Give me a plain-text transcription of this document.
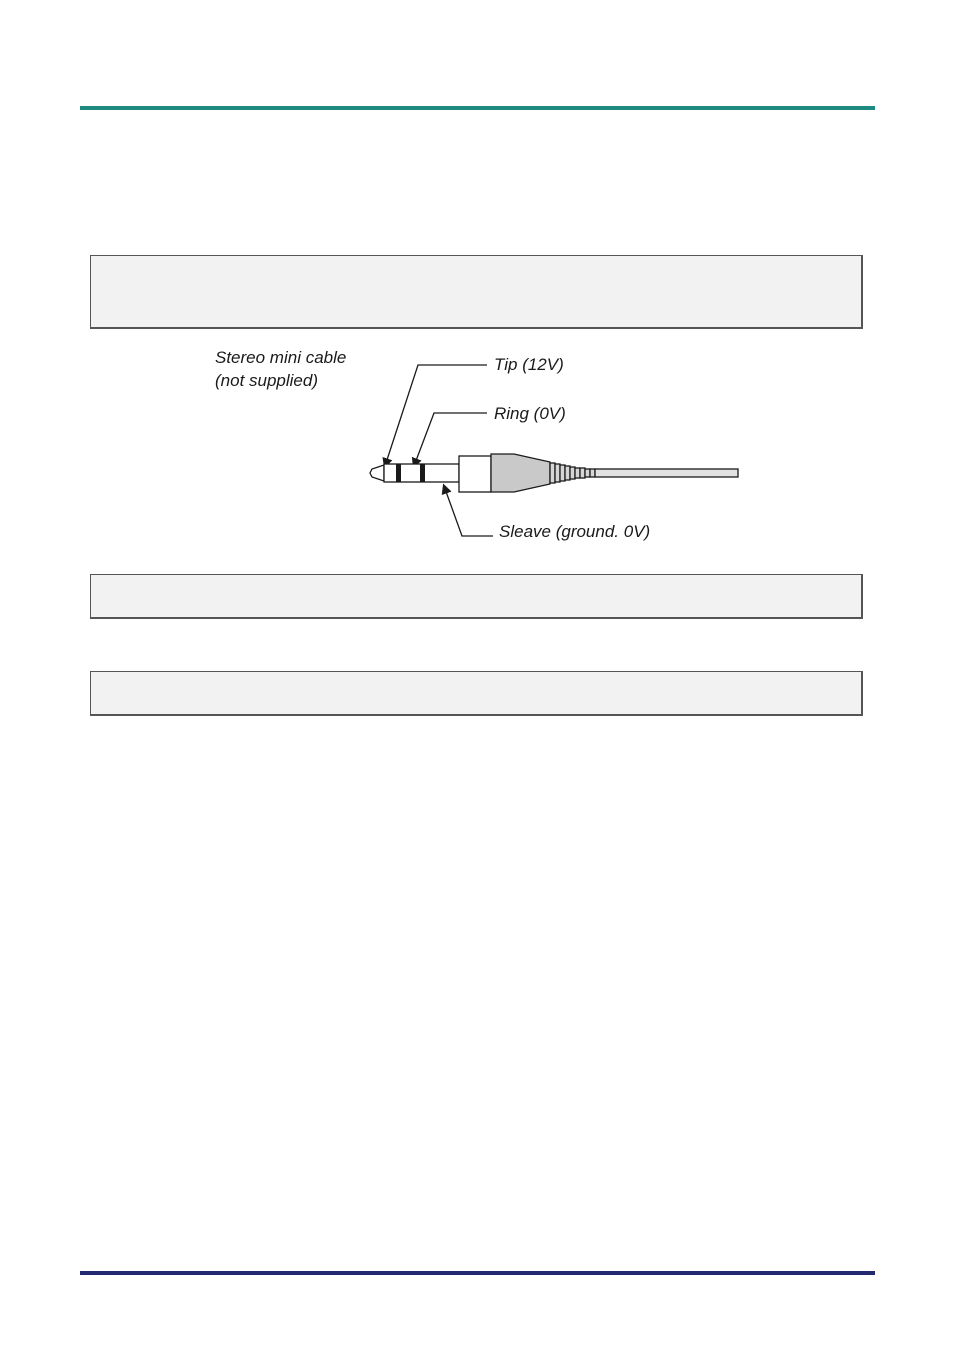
Stereo mini cable
(not supplied)
Tip (12V)
Ring (0V)
Sleave (ground. 0V)
